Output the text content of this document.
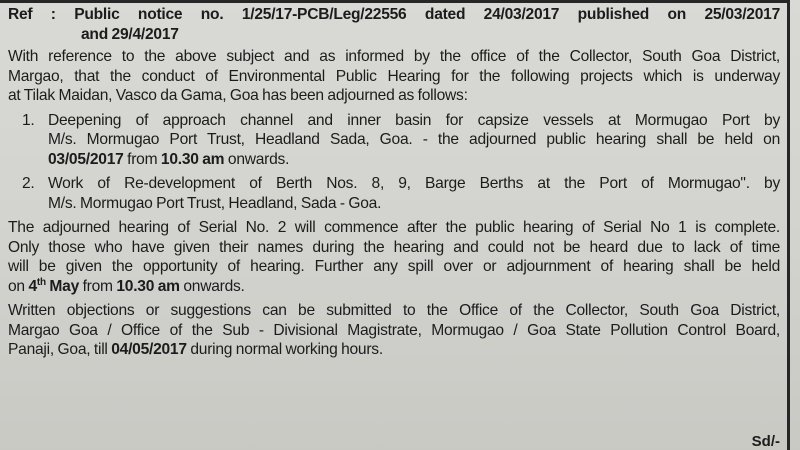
Ref : Public notice no. 1/25/17-PCB/Leg/22556 dated 24/03/2017 published on 25/03/2017
and 29/4/2017
With reference to the above subject and as informed by the office of the Collector, South Goa District,
Margao, that the conduct of Environmental Public Hearing for the following projects which is underway
at Tilak Maidan, Vasco da Gama, Goa has been adjourned as follows:
1. Deepening of approach channel and inner basin for capsize vessels at Mormugao Port by
M/s. Mormugao Port Trust, Headland Sada, Goa. - the adjourned public hearing shall be held on
03/05/2017 from 10.30 am onwards.
2. Work of Re-development of Berth Nos. 8, 9, Barge Berths at the Port of Mormugao". by
M/s. Mormugao Port Trust, Headland, Sada - Goa.
The adjourned hearing of Serial No. 2 will commence after the public hearing of Serial No 1 is complete.
Only those who have given their names during the hearing and could not be heard due to lack of time
will be given the opportunity of hearing. Further any spill over or adjournment of hearing shall be held
on 4th May from 10.30 am onwards.
Written objections or suggestions can be submitted to the Office of the Collector, South Goa District,
Margao Goa / Office of the Sub - Divisional Magistrate, Mormugao / Goa State Pollution Control Board,
Panaji, Goa, till 04/05/2017 during normal working hours.
Sd/-
